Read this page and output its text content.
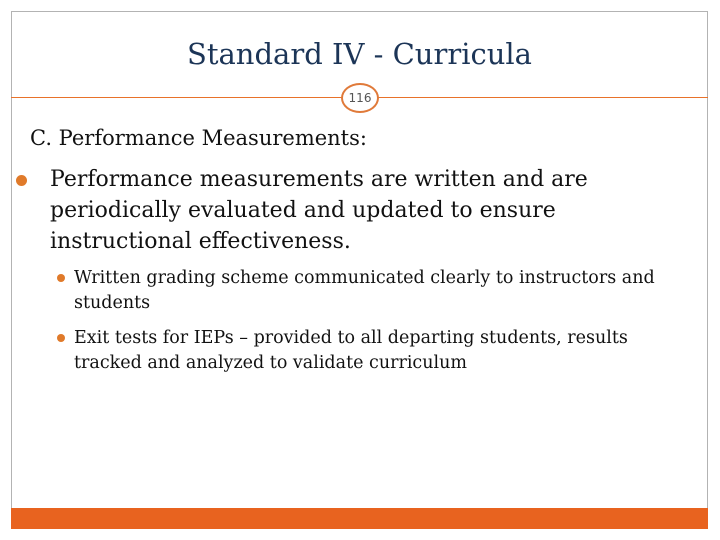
Standard IV - Curricula
116
C. Performance Measurements:
Performance measurements are written and are periodically evaluated and updated to ensure instructional effectiveness.
Written grading scheme communicated clearly to instructors and students
Exit tests for IEPs – provided to all departing students, results tracked and analyzed to validate curriculum
